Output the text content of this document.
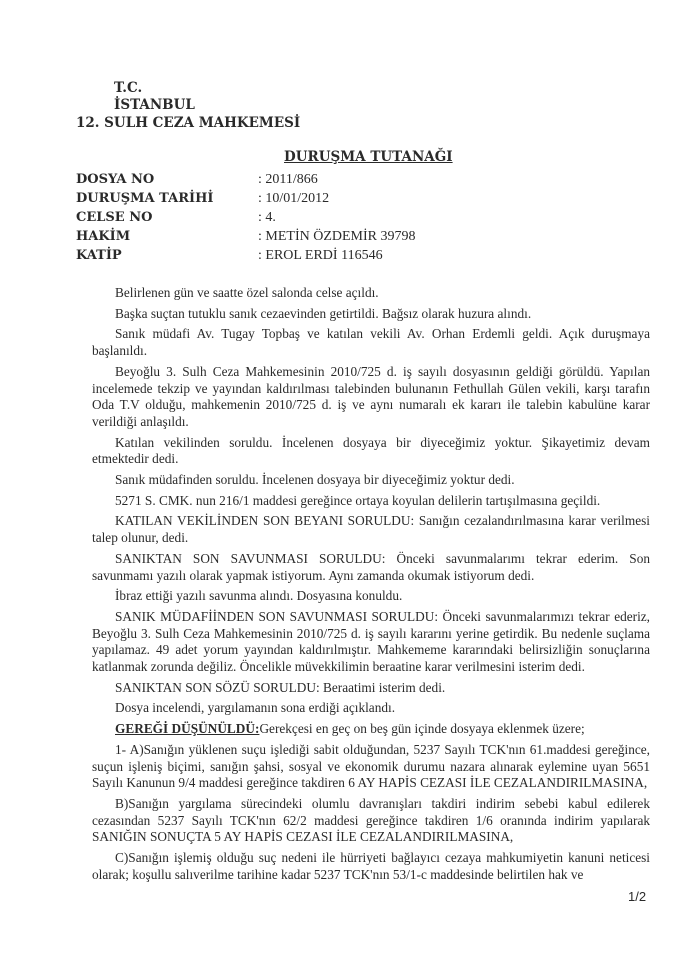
T.C.
İSTANBUL
12. SULH CEZA MAHKEMESİ
DURUŞMA TUTANAĞI
DOSYA NO	: 2011/866
DURUŞMA TARİHİ	: 10/01/2012
CELSE NO	: 4.
HAKİM	: METİN ÖZDEMİR 39798
KATİP	: EROL ERDİ 116546

Belirlenen gün ve saatte özel salonda celse açıldı.

Başka suçtan tutuklu sanık cezaevinden getirtildi. Bağsız olarak huzura alındı.

Sanık müdafi Av. Tugay Topbaş ve katılan vekili Av. Orhan Erdemli geldi. Açık duruşmaya başlanıldı.

Beyoğlu 3. Sulh Ceza Mahkemesinin 2010/725 d. iş sayılı dosyasının geldiği görüldü. Yapılan incelemede tekzip ve yayından kaldırılması talebinden bulunanın Fethullah Gülen vekili, karşı tarafın Oda T.V olduğu, mahkemenin 2010/725 d. iş ve aynı numaralı ek kararı ile talebin kabulüne karar verildiği anlaşıldı.

Katılan vekilinden soruldu. İncelenen dosyaya bir diyeceğimiz yoktur. Şikayetimiz devam etmektedir dedi.

Sanık müdafinden soruldu. İncelenen dosyaya bir diyeceğimiz yoktur dedi.

5271 S. CMK. nun 216/1 maddesi gereğince ortaya koyulan delilerin tartışılmasına geçildi.

KATILAN VEKİLİNDEN SON BEYANI SORULDU: Sanığın cezalandırılmasına karar verilmesi talep olunur, dedi.

SANIKTAN SON SAVUNMASI SORULDU: Önceki savunmalarımı tekrar ederim. Son savunmamı yazılı olarak yapmak istiyorum. Aynı zamanda okumak istiyorum dedi.

İbraz ettiği yazılı savunma alındı. Dosyasına konuldu.

SANIK MÜDAFİİNDEN SON SAVUNMASI SORULDU: Önceki savunmalarımızı tekrar ederiz, Beyoğlu 3. Sulh Ceza Mahkemesinin 2010/725 d. iş sayılı kararını yerine getirdik. Bu nedenle suçlama yapılamaz. 49 adet yorum yayından kaldırılmıştır. Mahkememe kararındaki belirsizliğin sonuçlarına katlanmak zorunda değiliz. Öncelikle müvekkilimin beraatine karar verilmesini isterim dedi.

SANIKTAN SON SÖZÜ SORULDU: Beraatimi isterim dedi.

Dosya incelendi, yargılamanın sona erdiği açıklandı.

GEREĞİ DÜŞÜNÜLDÜ:Gerekçesi en geç on beş gün içinde dosyaya eklenmek üzere;

1- A)Sanığın yüklenen suçu işlediği sabit olduğundan, 5237 Sayılı TCK'nın 61.maddesi gereğince, suçun işleniş biçimi, sanığın şahsi, sosyal ve ekonomik durumu nazara alınarak eylemine uyan 5651 Sayılı Kanunun 9/4 maddesi gereğince takdiren 6 AY HAPİS CEZASI İLE CEZALANDIRILMASINA,

B)Sanığın yargılama sürecindeki olumlu davranışları takdiri indirim sebebi kabul edilerek cezasından 5237 Sayılı TCK'nın 62/2 maddesi gereğince takdiren 1/6 oranında indirim yapılarak SANIĞIN SONUÇTA 5 AY HAPİS CEZASI İLE CEZALANDIRILMASINA,

C)Sanığın işlemiş olduğu suç nedeni ile hürriyeti bağlayıcı cezaya mahkumiyetin kanuni neticesi olarak; koşullu salıverilme tarihine kadar 5237 TCK'nın 53/1-c maddesinde belirtilen hak ve

1/2
